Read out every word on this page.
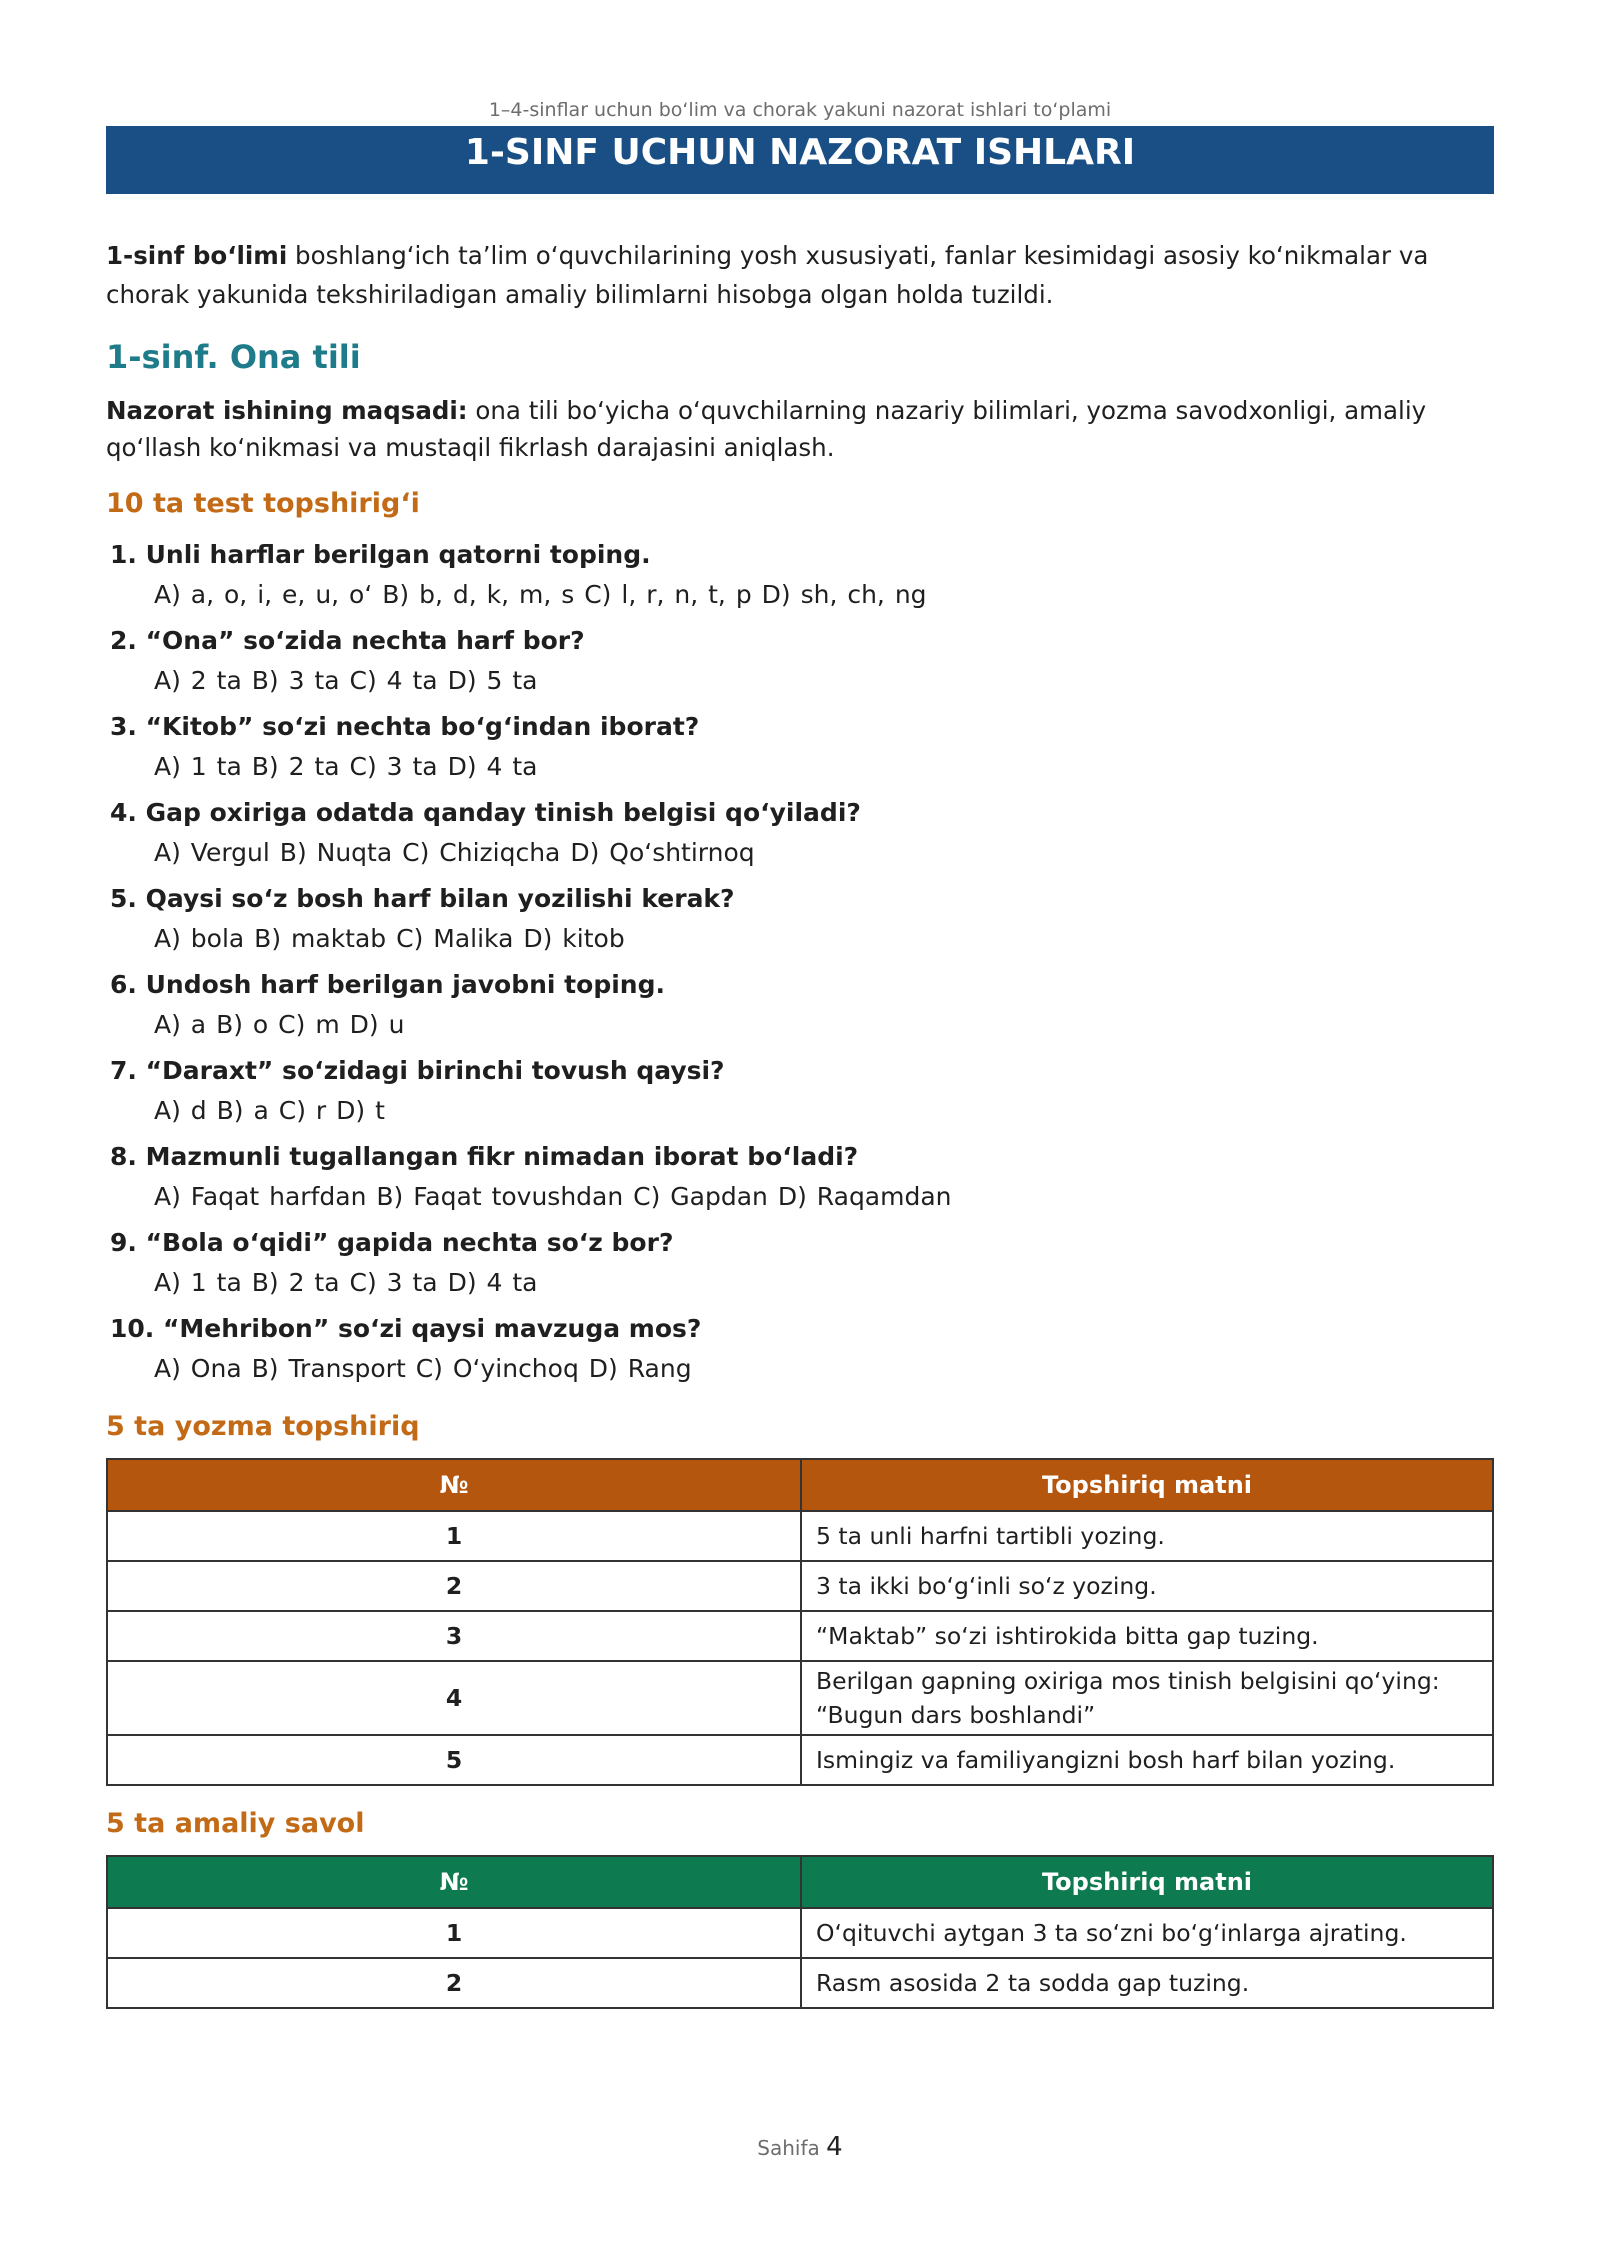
1–4-sinflar uchun bo‘lim va chorak yakuni nazorat ishlari to‘plami
1-SINF UCHUN NAZORAT ISHLARI

1-sinf bo‘limi boshlang‘ich ta’lim o‘quvchilarining yosh xususiyati, fanlar kesimidagi asosiy ko‘nikmalar va chorak yakunida tekshiriladigan amaliy bilimlarni hisobga olgan holda tuzildi.

1-sinf. Ona tili

Nazorat ishining maqsadi: ona tili bo‘yicha o‘quvchilarning nazariy bilimlari, yozma savodxonligi, amaliy qo‘llash ko‘nikmasi va mustaqil fikrlash darajasini aniqlash.

10 ta test topshirig‘i
1. Unli harflar berilgan qatorni toping.
A) a, o, i, e, u, o‘ B) b, d, k, m, s C) l, r, n, t, p D) sh, ch, ng
2. “Ona” so‘zida nechta harf bor?
A) 2 ta B) 3 ta C) 4 ta D) 5 ta
3. “Kitob” so‘zi nechta bo‘g‘indan iborat?
A) 1 ta B) 2 ta C) 3 ta D) 4 ta
4. Gap oxiriga odatda qanday tinish belgisi qo‘yiladi?
A) Vergul B) Nuqta C) Chiziqcha D) Qo‘shtirnoq
5. Qaysi so‘z bosh harf bilan yozilishi kerak?
A) bola B) maktab C) Malika D) kitob
6. Undosh harf berilgan javobni toping.
A) a B) o C) m D) u
7. “Daraxt” so‘zidagi birinchi tovush qaysi?
A) d B) a C) r D) t
8. Mazmunli tugallangan fikr nimadan iborat bo‘ladi?
A) Faqat harfdan B) Faqat tovushdan C) Gapdan D) Raqamdan
9. “Bola o‘qidi” gapida nechta so‘z bor?
A) 1 ta B) 2 ta C) 3 ta D) 4 ta
10. “Mehribon” so‘zi qaysi mavzuga mos?
A) Ona B) Transport C) O‘yinchoq D) Rang
5 ta yozma topshiriq
№	Topshiriq matni
1	5 ta unli harfni tartibli yozing.
2	3 ta ikki bo‘g‘inli so‘z yozing.
3	“Maktab” so‘zi ishtirokida bitta gap tuzing.
4	Berilgan gapning oxiriga mos tinish belgisini qo‘ying: “Bugun dars boshlandi”
5	Ismingiz va familiyangizni bosh harf bilan yozing.
5 ta amaliy savol
№	Topshiriq matni
1	O‘qituvchi aytgan 3 ta so‘zni bo‘g‘inlarga ajrating.
2	Rasm asosida 2 ta sodda gap tuzing.
Sahifa 4
